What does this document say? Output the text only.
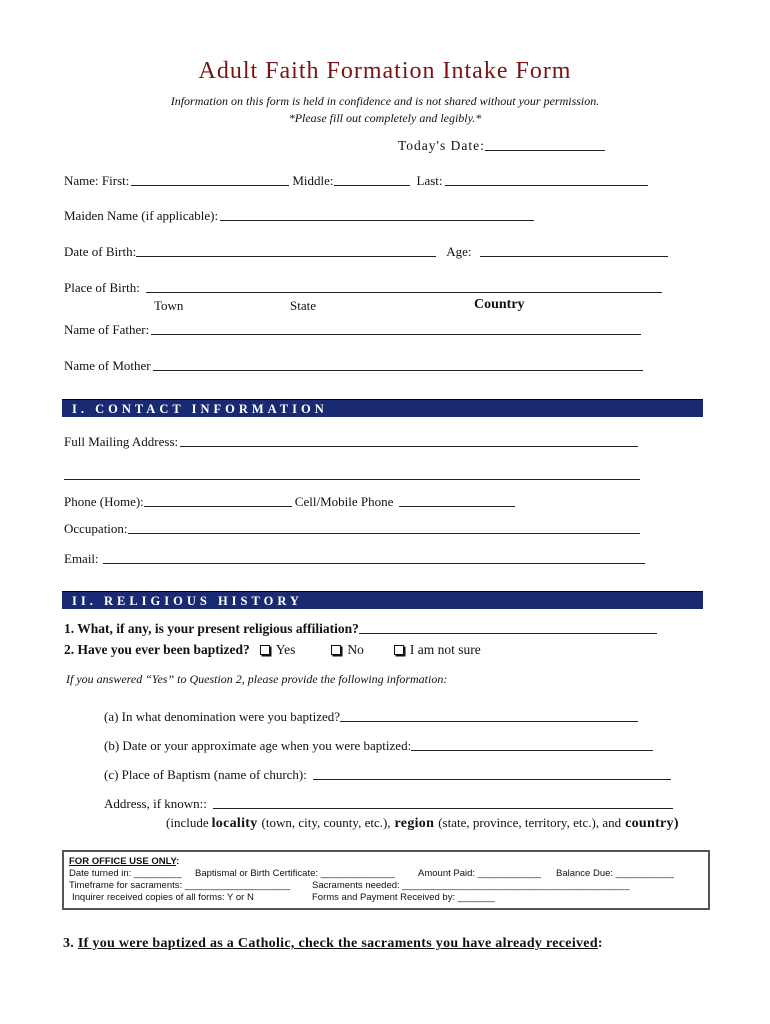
Adult Faith Formation Intake Form
Information on this form is held in confidence and is not shared without your permission.
*Please fill out completely and legibly.*
Today's Date:
Name: First:	Middle:	Last:
Maiden Name (if applicable):
Date of Birth:	Age:
Place of Birth:
Town	State	Country
Name of Father:
Name of Mother
I. CONTACT INFORMATION
Full Mailing Address:
Phone (Home):	Cell/Mobile Phone
Occupation:
Email:
II. RELIGIOUS HISTORY
1. What, if any, is your present religious affiliation?
2. Have you ever been baptized? Yes	No	I am not sure
If you answered “Yes” to Question 2, please provide the following information:
(a) In what denomination were you baptized?
(b) Date or your approximate age when you were baptized:
(c) Place of Baptism (name of church):
Address, if known::
(include locality (town, city, county, etc.), region (state, province, territory, etc.), and country)
FOR OFFICE USE ONLY:
Date turned in: _________ Baptismal or Birth Certificate: ______________ Amount Paid: ____________ Balance Due: ___________
Timeframe for sacraments: ____________________ Sacraments needed: ___________________________________________
Inquirer received copies of all forms: Y or N	Forms and Payment Received by: _______
3. If you were baptized as a Catholic, check the sacraments you have already received:
